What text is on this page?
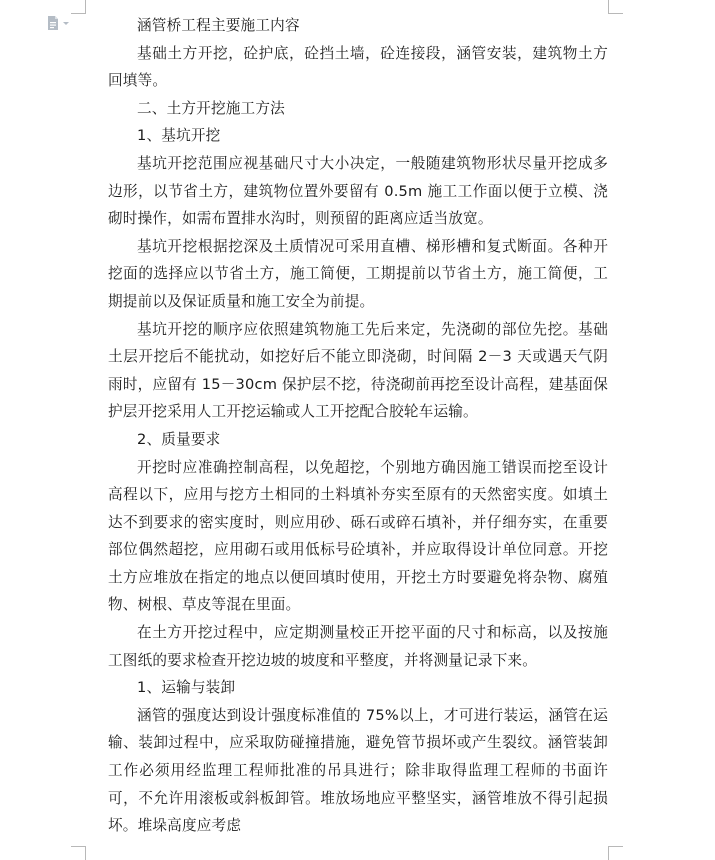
涵管桥工程主要施工内容

基础土方开挖，砼护底，砼挡土墙，砼连接段，涵管安装，建筑物土方回填等。

二、土方开挖施工方法

1、基坑开挖

基坑开挖范围应视基础尺寸大小决定，一般随建筑物形状尽量开挖成多边形，以节省土方，建筑物位置外要留有 0.5m 施工工作面以便于立模、浇砌时操作，如需布置排水沟时，则预留的距离应适当放宽。

基坑开挖根据挖深及土质情况可采用直槽、梯形槽和复式断面。各种开挖面的选择应以节省土方，施工简便，工期提前以节省土方，施工简便，工期提前以及保证质量和施工安全为前提。

基坑开挖的顺序应依照建筑物施工先后来定，先浇砌的部位先挖。基础土层开挖后不能扰动，如挖好后不能立即浇砌，时间隔 2－3 天或遇天气阴雨时，应留有 15－30cm 保护层不挖，待浇砌前再挖至设计高程，建基面保护层开挖采用人工开挖运输或人工开挖配合胶轮车运输。

2、质量要求

开挖时应准确控制高程，以免超挖，个别地方确因施工错误而挖至设计高程以下，应用与挖方土相同的土料填补夯实至原有的天然密实度。如填土达不到要求的密实度时，则应用砂、砾石或碎石填补，并仔细夯实，在重要部位偶然超挖，应用砌石或用低标号砼填补，并应取得设计单位同意。开挖土方应堆放在指定的地点以便回填时使用，开挖土方时要避免将杂物、腐殖物、树根、草皮等混在里面。

在土方开挖过程中，应定期测量校正开挖平面的尺寸和标高，以及按施工图纸的要求检查开挖边坡的坡度和平整度，并将测量记录下来。

1、运输与装卸

涵管的强度达到设计强度标准值的 75%以上，才可进行装运，涵管在运输、装卸过程中，应采取防碰撞措施，避免管节损坏或产生裂纹。涵管装卸工作必须用经监理工程师批准的吊具进行；除非取得监理工程师的书面许可，不允许用滚板或斜板卸管。堆放场地应平整坚实，涵管堆放不得引起损坏。堆垛高度应考虑
